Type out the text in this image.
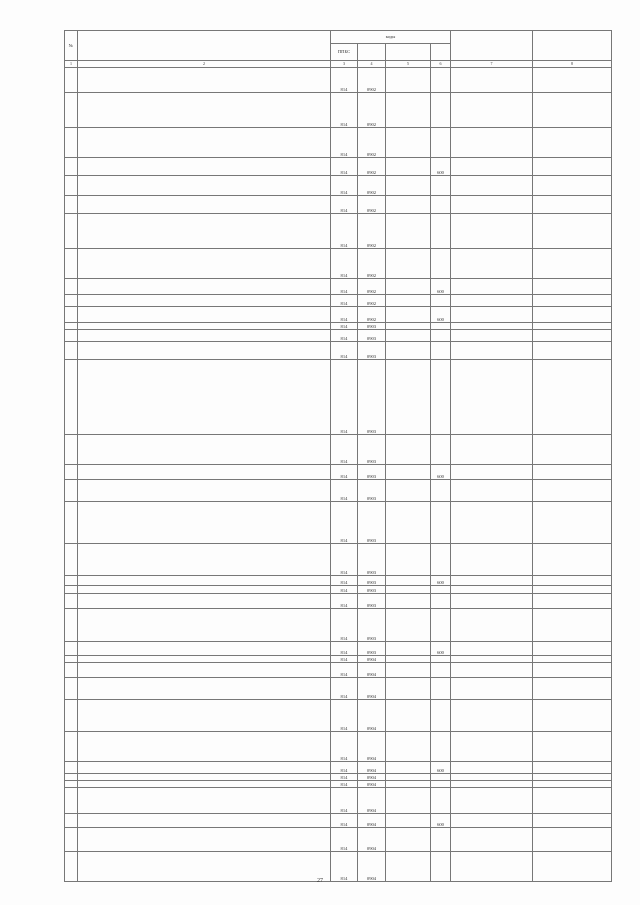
№		коды					
		ППБС					
1	2	3	4	5	6	7	8
		814	0902				
		814	0902				
		814	0902				
		814	0902		600		
		814	0902				
		814	0902				
		814	0902				
		814	0902				
		814	0902		600		
		814	0902				
		814	0902		600		
		814	0903				
		814	0903				
		814	0903				
		814	0903				
		814	0903				
		814	0903		600		
		814	0903				
		814	0903				
		814	0903				
		814	0903		600		
		814	0903				
		814	0903				
		814	0903				
		814	0903		600		
		814	0904				
		814	0904				
		814	0904				
		814	0904				
		814	0904				
		814	0904		600		
		814	0904				
		814	0904				
		814	0904				
		814	0904		600		
		814	0904				
		814	0904				
27
